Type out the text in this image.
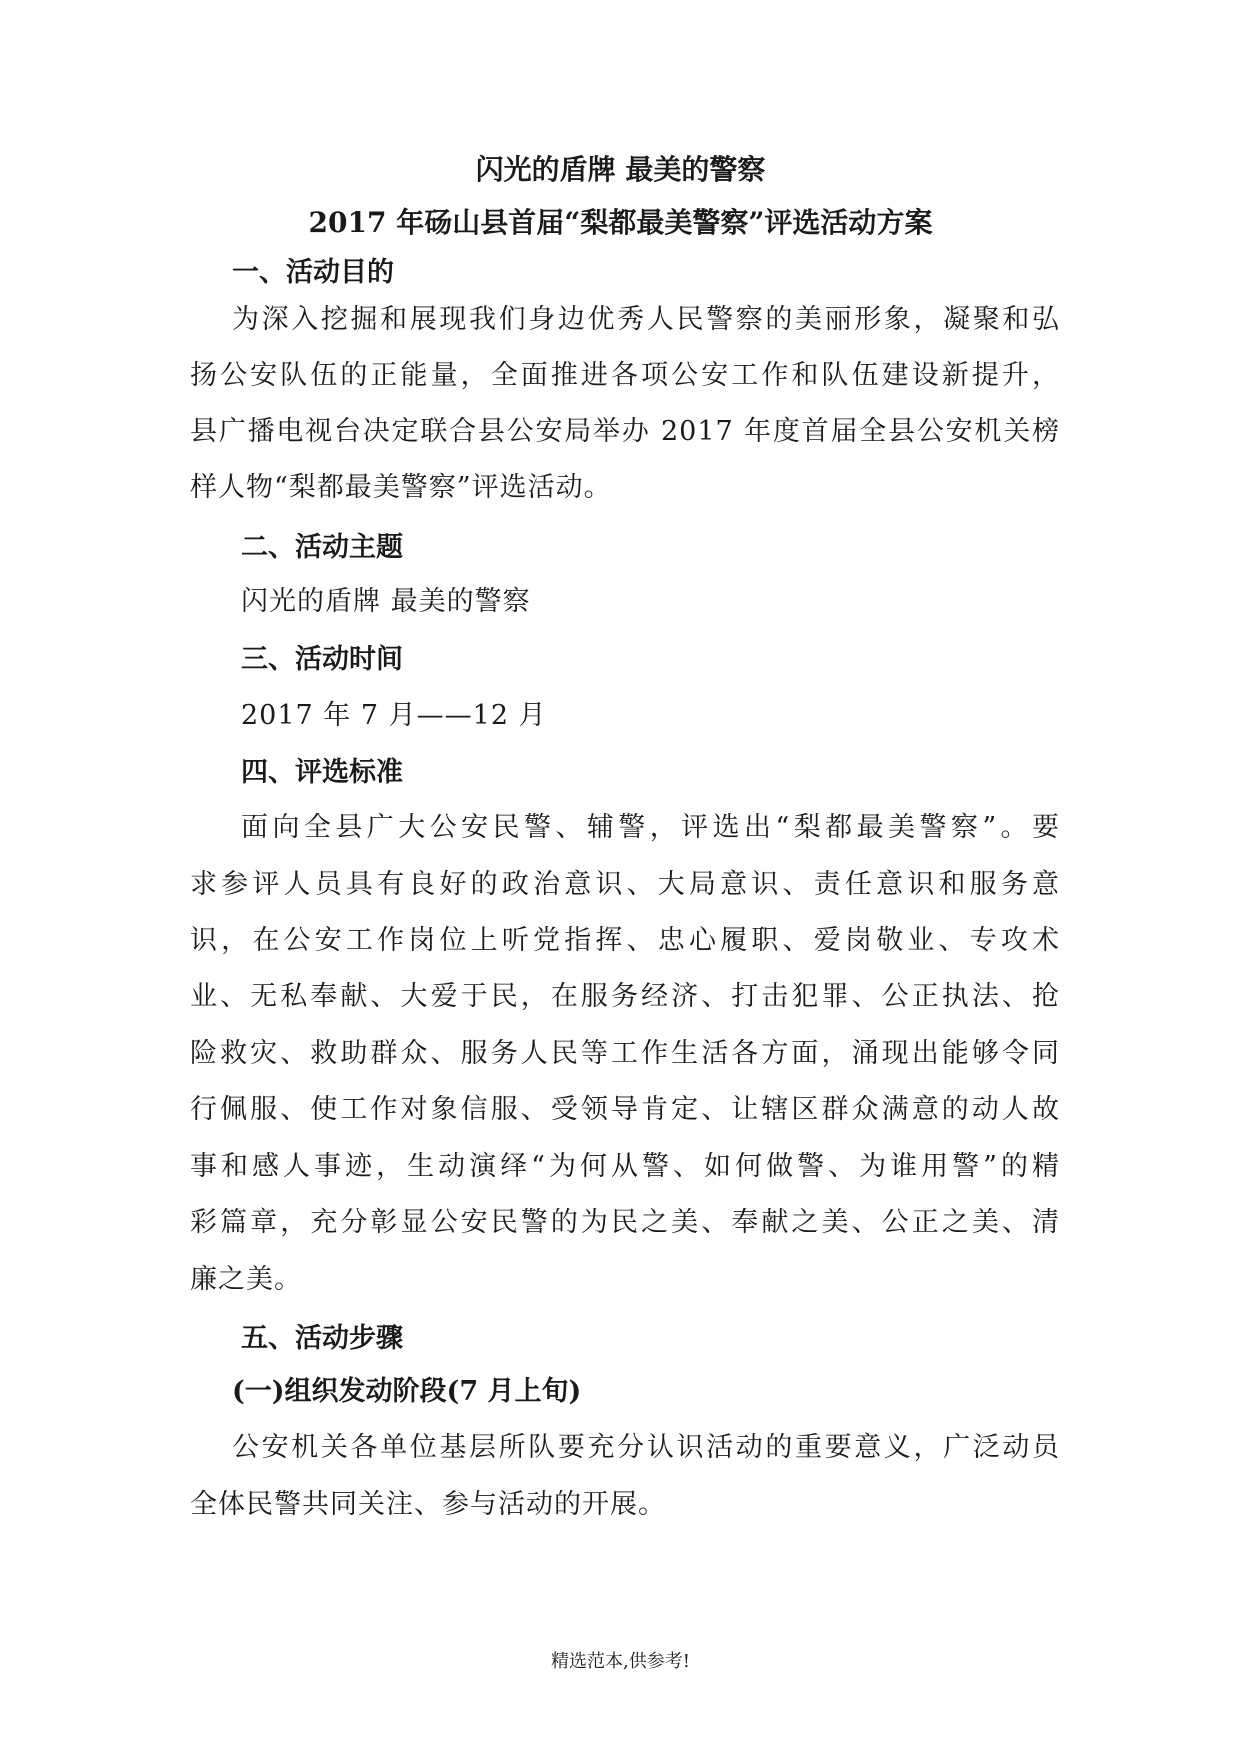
闪光的盾牌 最美的警察
2017 年砀山县首届“梨都最美警察”评选活动方案
一、活动目的
为深入挖掘和展现我们身边优秀人民警察的美丽形象，凝聚和弘
扬公安队伍的正能量，全面推进各项公安工作和队伍建设新提升，
县广播电视台决定联合县公安局举办 2017 年度首届全县公安机关榜
样人物“梨都最美警察”评选活动。
二、活动主题
闪光的盾牌 最美的警察
三、活动时间
2017 年 7 月——12 月
四、评选标准
面向全县广大公安民警、辅警，评选出“梨都最美警察”。要
求参评人员具有良好的政治意识、大局意识、责任意识和服务意
识，在公安工作岗位上听党指挥、忠心履职、爱岗敬业、专攻术
业、无私奉献、大爱于民，在服务经济、打击犯罪、公正执法、抢
险救灾、救助群众、服务人民等工作生活各方面，涌现出能够令同
行佩服、使工作对象信服、受领导肯定、让辖区群众满意的动人故
事和感人事迹，生动演绎“为何从警、如何做警、为谁用警”的精
彩篇章，充分彰显公安民警的为民之美、奉献之美、公正之美、清
廉之美。
五、活动步骤
(一)组织发动阶段(7 月上旬)
公安机关各单位基层所队要充分认识活动的重要意义，广泛动员
全体民警共同关注、参与活动的开展。
精选范本,供参考!
